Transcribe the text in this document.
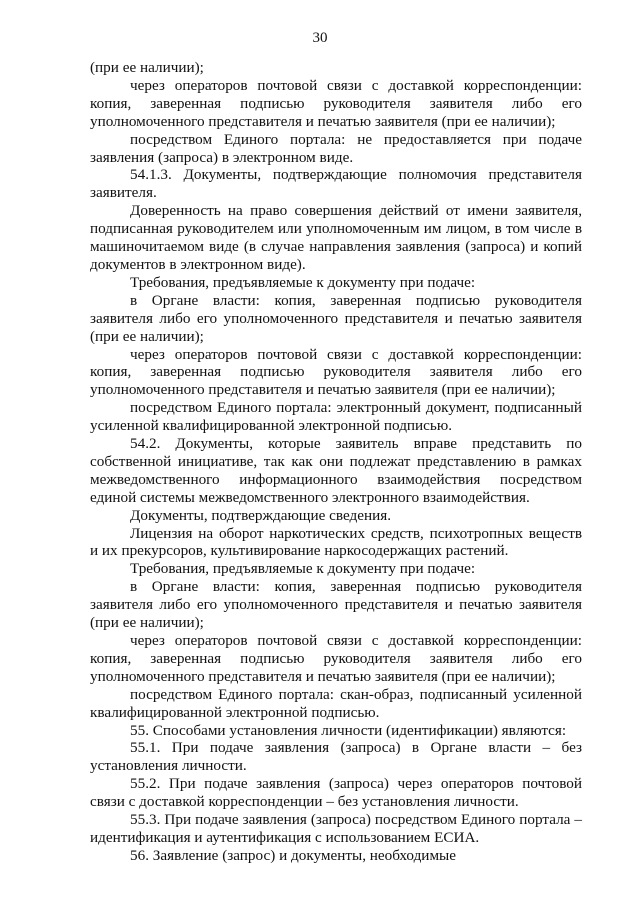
30

(при ее наличии);

через операторов почтовой связи с доставкой корреспонденции: копия, заверенная подписью руководителя заявителя либо его уполномоченного представителя и печатью заявителя (при ее наличии);

посредством Единого портала: не предоставляется при подаче заявления (запроса) в электронном виде.

54.1.3. Документы, подтверждающие полномочия представителя заявителя.

Доверенность на право совершения действий от имени заявителя, подписанная руководителем или уполномоченным им лицом, в том числе в машиночитаемом виде (в случае направления заявления (запроса) и копий документов в электронном виде).

Требования, предъявляемые к документу при подаче:

в Органе власти: копия, заверенная подписью руководителя заявителя либо его уполномоченного представителя и печатью заявителя (при ее наличии);

через операторов почтовой связи с доставкой корреспонденции: копия, заверенная подписью руководителя заявителя либо его уполномоченного представителя и печатью заявителя (при ее наличии);

посредством Единого портала: электронный документ, подписанный усиленной квалифицированной электронной подписью.

54.2. Документы, которые заявитель вправе представить по собственной инициативе, так как они подлежат представлению в рамках межведомственного информационного взаимодействия посредством единой системы межведомственного электронного взаимодействия.

Документы, подтверждающие сведения.

Лицензия на оборот наркотических средств, психотропных веществ и их прекурсоров, культивирование наркосодержащих растений.

Требования, предъявляемые к документу при подаче:

в Органе власти: копия, заверенная подписью руководителя заявителя либо его уполномоченного представителя и печатью заявителя (при ее наличии);

через операторов почтовой связи с доставкой корреспонденции: копия, заверенная подписью руководителя заявителя либо его уполномоченного представителя и печатью заявителя (при ее наличии);

посредством Единого портала: скан-образ, подписанный усиленной квалифицированной электронной подписью.

55. Способами установления личности (идентификации) являются:

55.1. При подаче заявления (запроса) в Органе власти – без установления личности.

55.2. При подаче заявления (запроса) через операторов почтовой связи с доставкой корреспонденции – без установления личности.

55.3. При подаче заявления (запроса) посредством Единого портала – идентификация и аутентификация с использованием ЕСИА.

56. Заявление (запрос) и документы, необходимые
